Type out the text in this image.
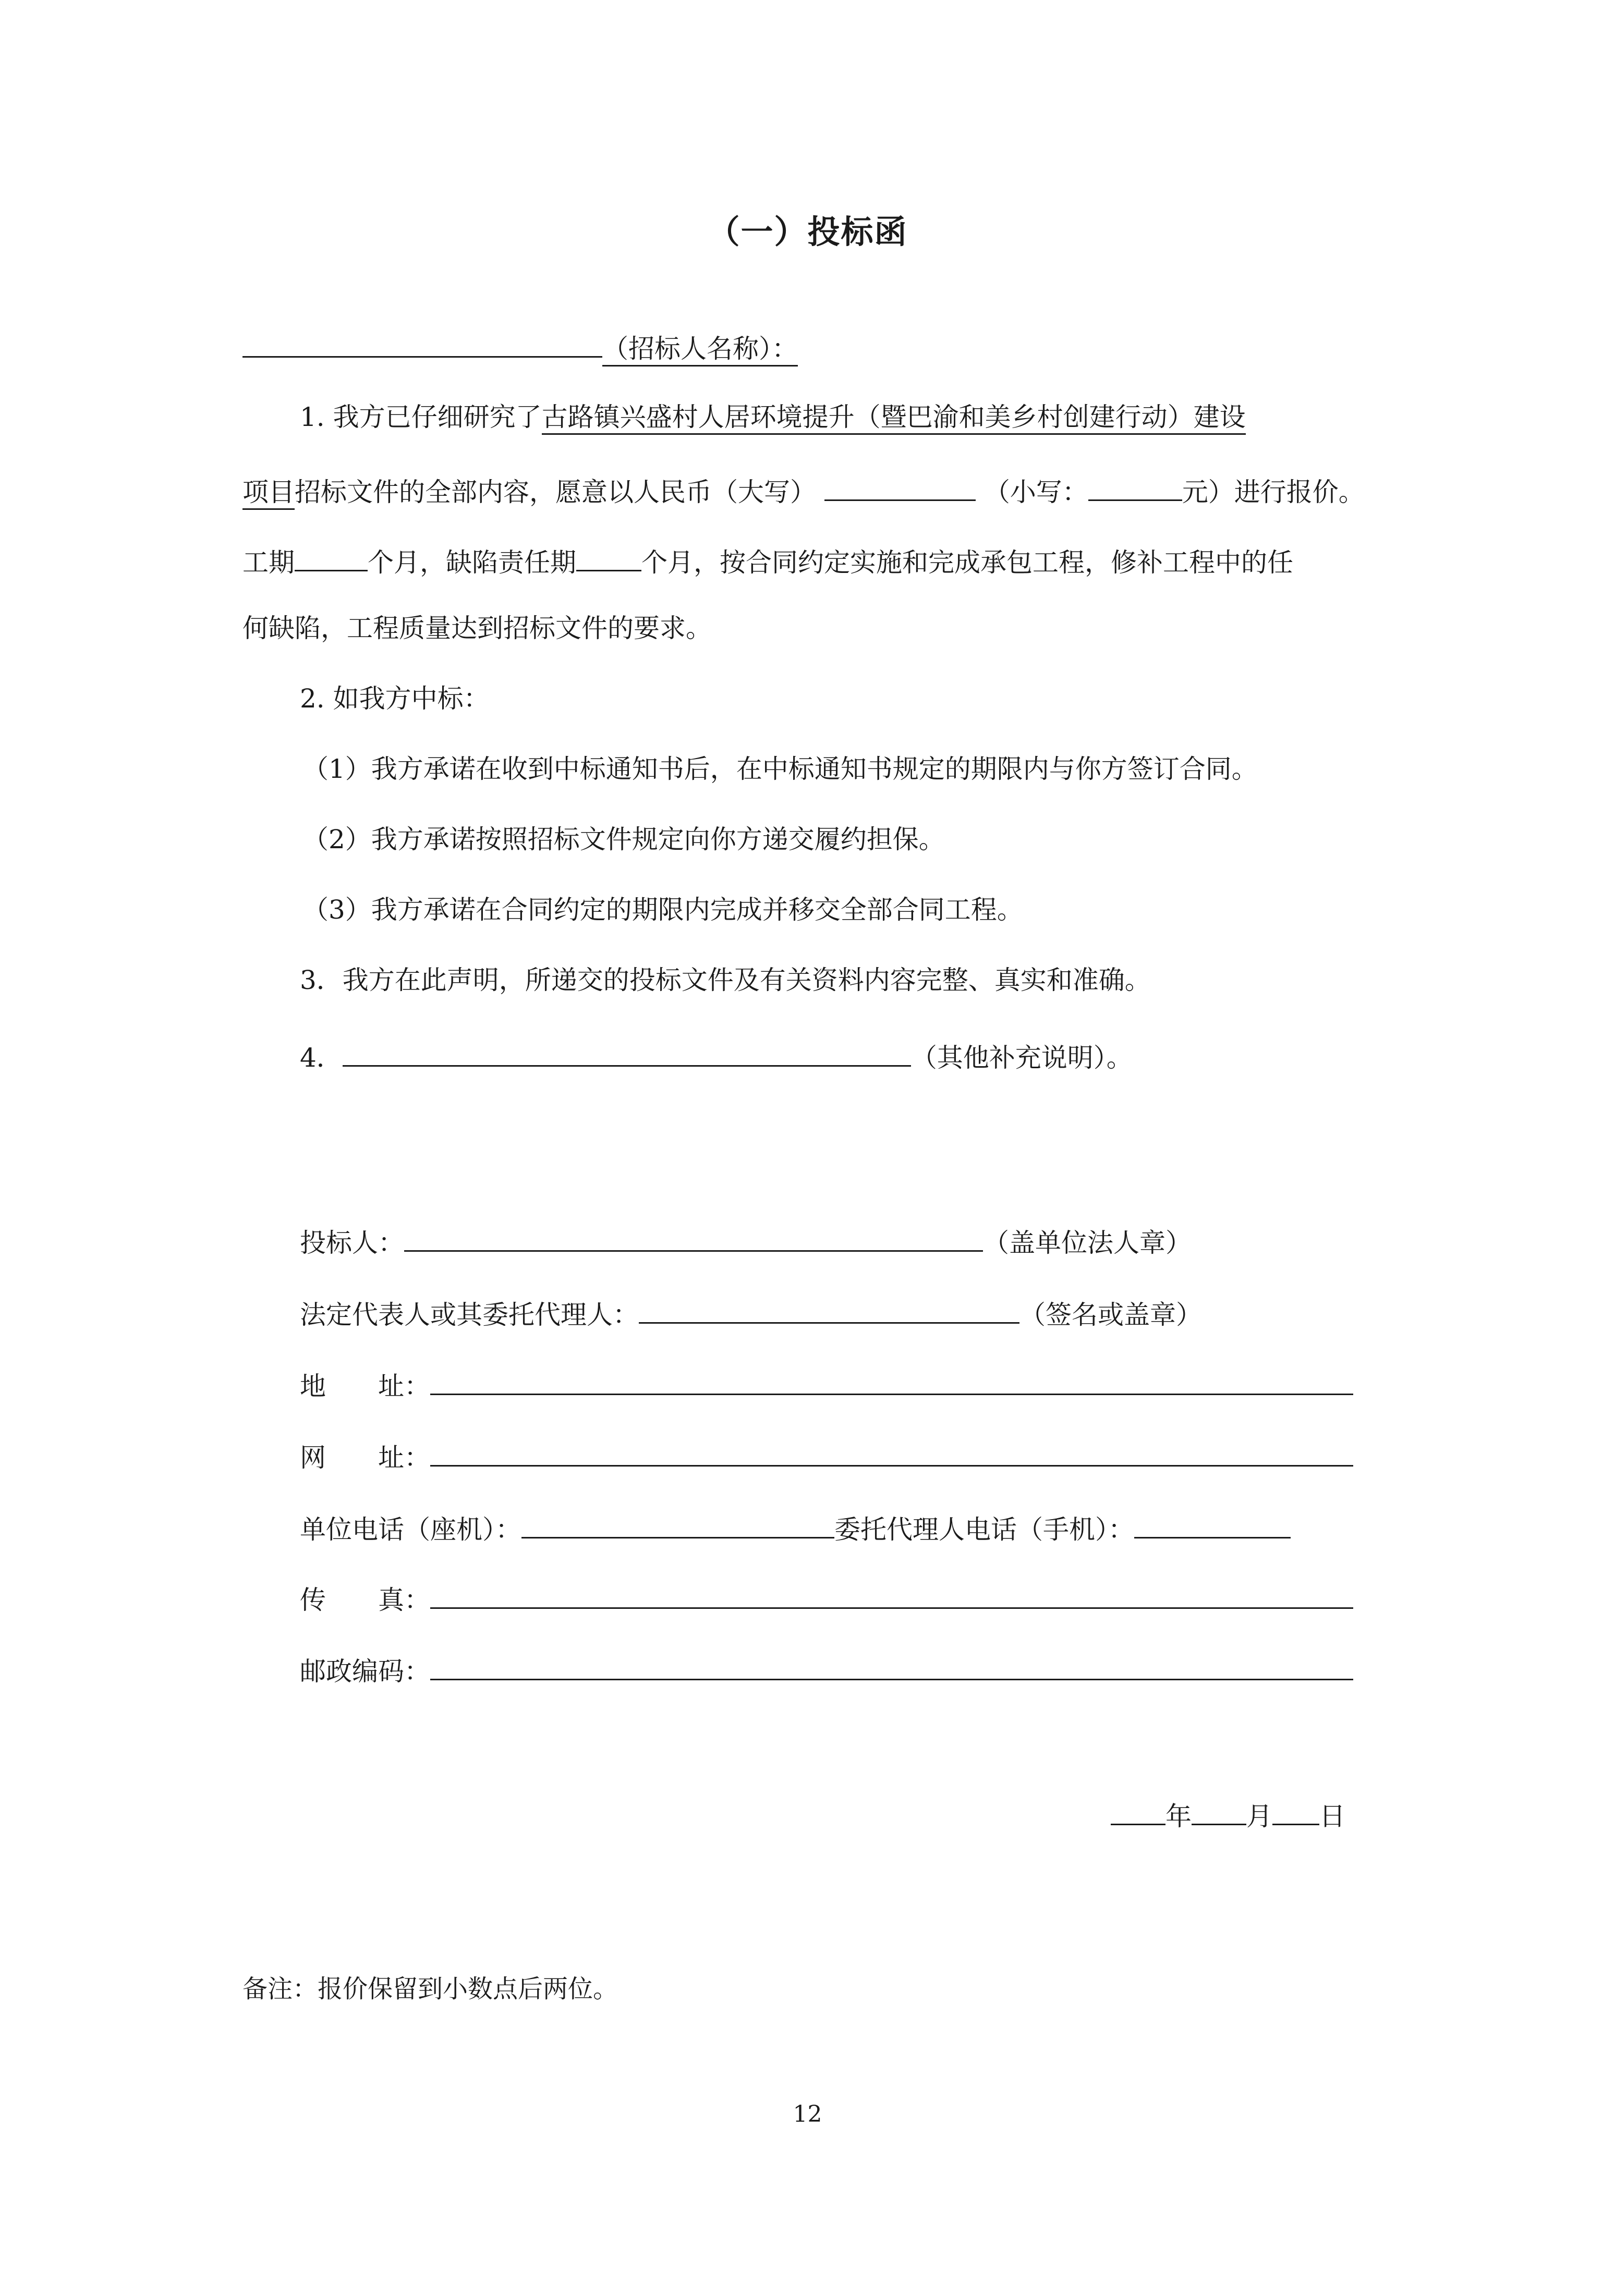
（一）投标函
（招标人名称）：
1. 我方已仔细研究了古路镇兴盛村人居环境提升（暨巴渝和美乡村创建行动）建设
项目招标文件的全部内容，愿意以人民币（大写）	（小写：	元）进行报价。
工期	个月，缺陷责任期	个月，按合同约定实施和完成承包工程，修补工程中的任
何缺陷，工程质量达到招标文件的要求。
2. 如我方中标：
（1）我方承诺在收到中标通知书后，在中标通知书规定的期限内与你方签订合同。
（2）我方承诺按照招标文件规定向你方递交履约担保。
（3）我方承诺在合同约定的期限内完成并移交全部合同工程。
3．我方在此声明，所递交的投标文件及有关资料内容完整、真实和准确。
4．	（其他补充说明）。
投标人：	（盖单位法人章）
法定代表人或其委托代理人：	（签名或盖章）
地　　址：
网　　址：
单位电话（座机）：	委托代理人电话（手机）：
传　　真：
邮政编码：
年 月 日
备注：报价保留到小数点后两位。
12
